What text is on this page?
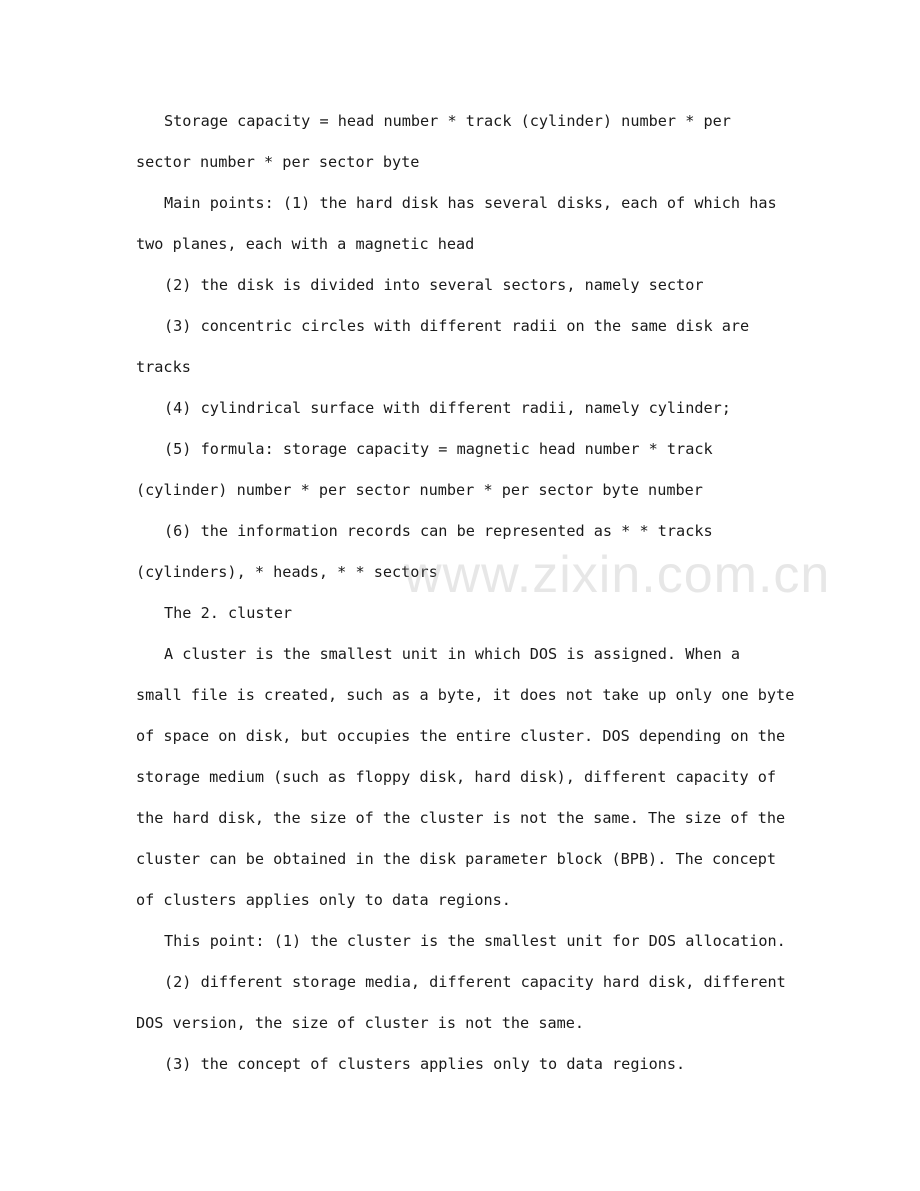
Storage capacity = head number * track (cylinder) number * per
sector number * per sector byte
Main points: (1) the hard disk has several disks, each of which has
two planes, each with a magnetic head
(2) the disk is divided into several sectors, namely sector
(3) concentric circles with different radii on the same disk are
tracks
(4) cylindrical surface with different radii, namely cylinder;
(5) formula: storage capacity = magnetic head number * track
(cylinder) number * per sector number * per sector byte number
(6) the information records can be represented as * * tracks
(cylinders), * heads, * * sectors
The 2. cluster
A cluster is the smallest unit in which DOS is assigned. When a
small file is created, such as a byte, it does not take up only one byte
of space on disk, but occupies the entire cluster. DOS depending on the
storage medium (such as floppy disk, hard disk), different capacity of
the hard disk, the size of the cluster is not the same. The size of the
cluster can be obtained in the disk parameter block (BPB). The concept
of clusters applies only to data regions.
This point: (1) the cluster is the smallest unit for DOS allocation.
(2) different storage media, different capacity hard disk, different
DOS version, the size of cluster is not the same.
(3) the concept of clusters applies only to data regions.
www.zixin.com.cn
